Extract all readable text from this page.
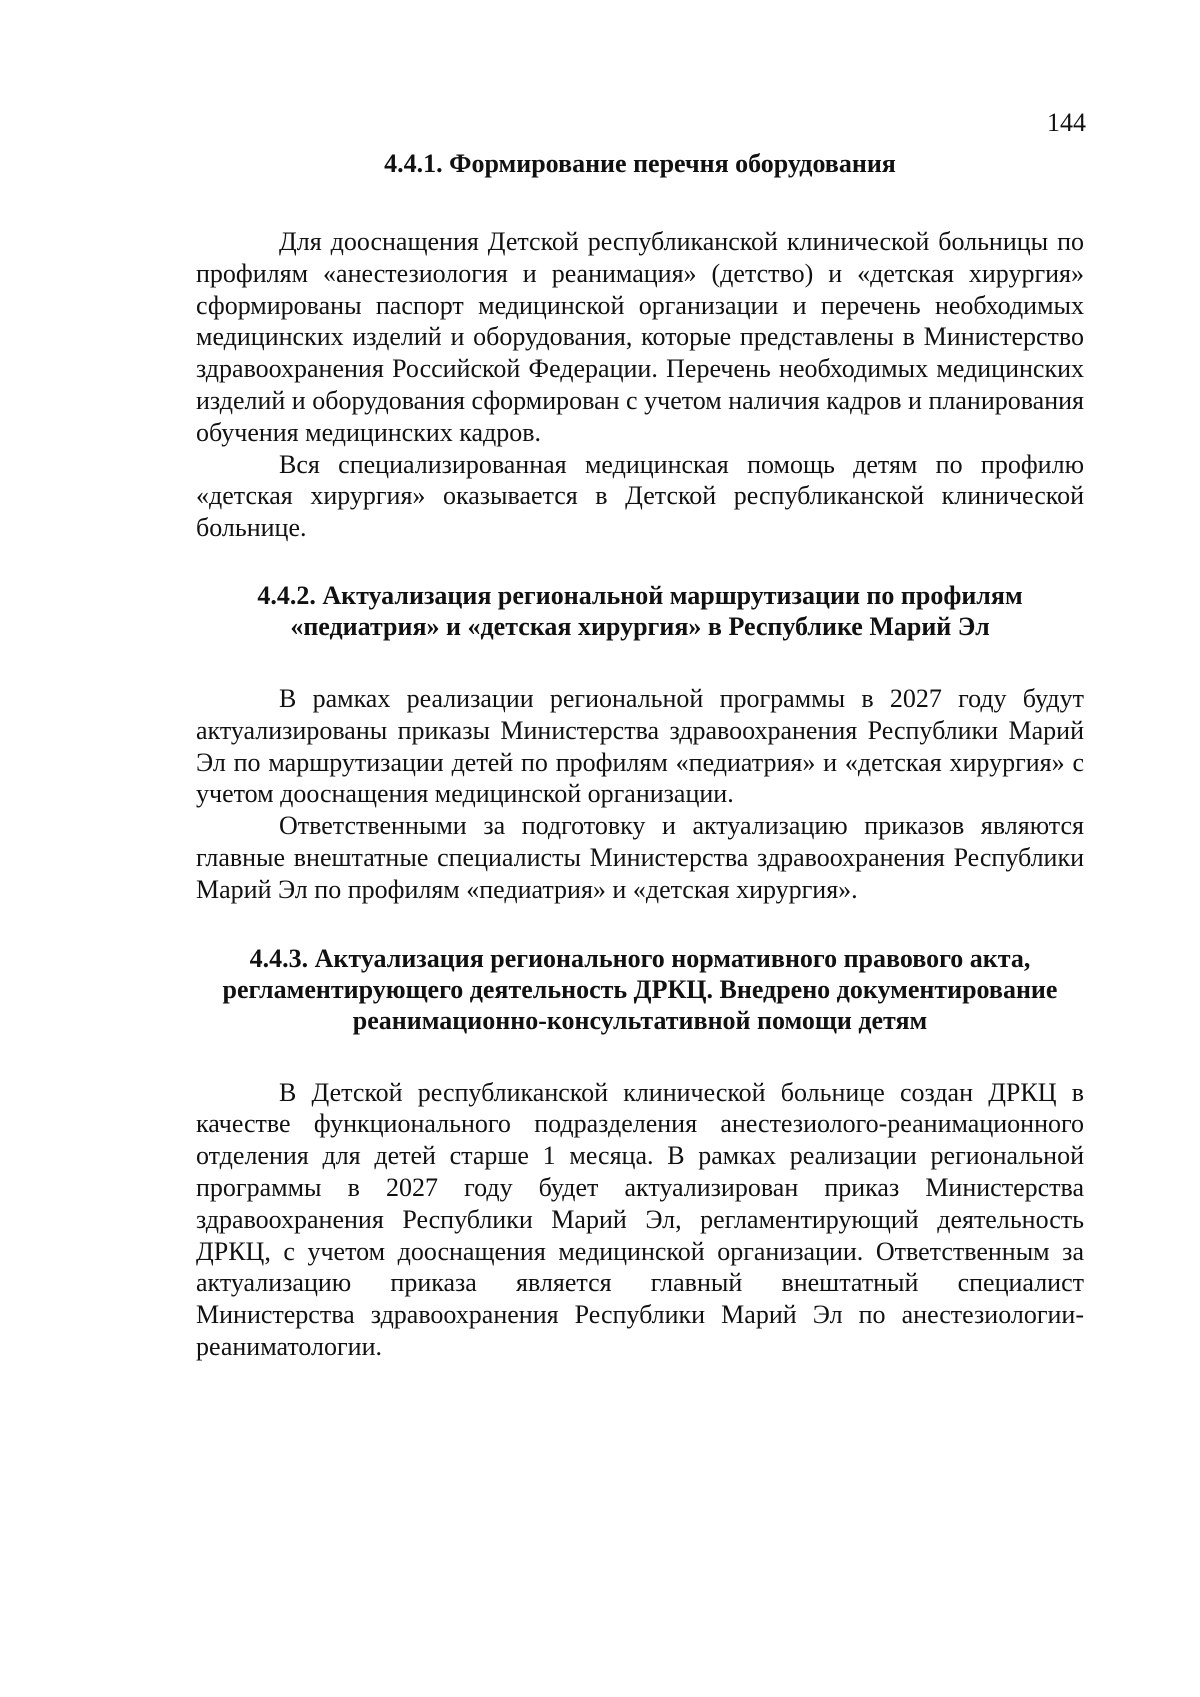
144
4.4.1. Формирование перечня оборудования

Для дооснащения Детской республиканской клинической больницы по профилям «анестезиология и реанимация» (детство) и «детская хирургия» сформированы паспорт медицинской организации и перечень необходимых медицинских изделий и оборудования, которые представлены в Министерство здравоохранения Российской Федерации. Перечень необходимых медицинских изделий и оборудования сформирован с учетом наличия кадров и планирования обучения медицинских кадров.

Вся специализированная медицинская помощь детям по профилю «детская хирургия» оказывается в Детской республиканской клинической больнице.

4.4.2. Актуализация региональной маршрутизации по профилям «педиатрия» и «детская хирургия» в Республике Марий Эл

В рамках реализации региональной программы в 2027 году будут актуализированы приказы Министерства здравоохранения Республики Марий Эл по маршрутизации детей по профилям «педиатрия» и «детская хирургия» с учетом дооснащения медицинской организации.

Ответственными за подготовку и актуализацию приказов являются главные внештатные специалисты Министерства здравоохранения Республики Марий Эл по профилям «педиатрия» и «детская хирургия».

4.4.3. Актуализация регионального нормативного правового акта, регламентирующего деятельность ДРКЦ. Внедрено документирование реанимационно-консультативной помощи детям

В Детской республиканской клинической больнице создан ДРКЦ в качестве функционального подразделения анестезиолого-реанимационного отделения для детей старше 1 месяца. В рамках реализации региональной программы в 2027 году будет актуализирован приказ Министерства здравоохранения Республики Марий Эл, регламентирующий деятельность ДРКЦ, с учетом дооснащения медицинской организации. Ответственным за актуализацию приказа является главный внештатный специалист Министерства здравоохранения Республики Марий Эл по анестезиологии-реаниматологии.
